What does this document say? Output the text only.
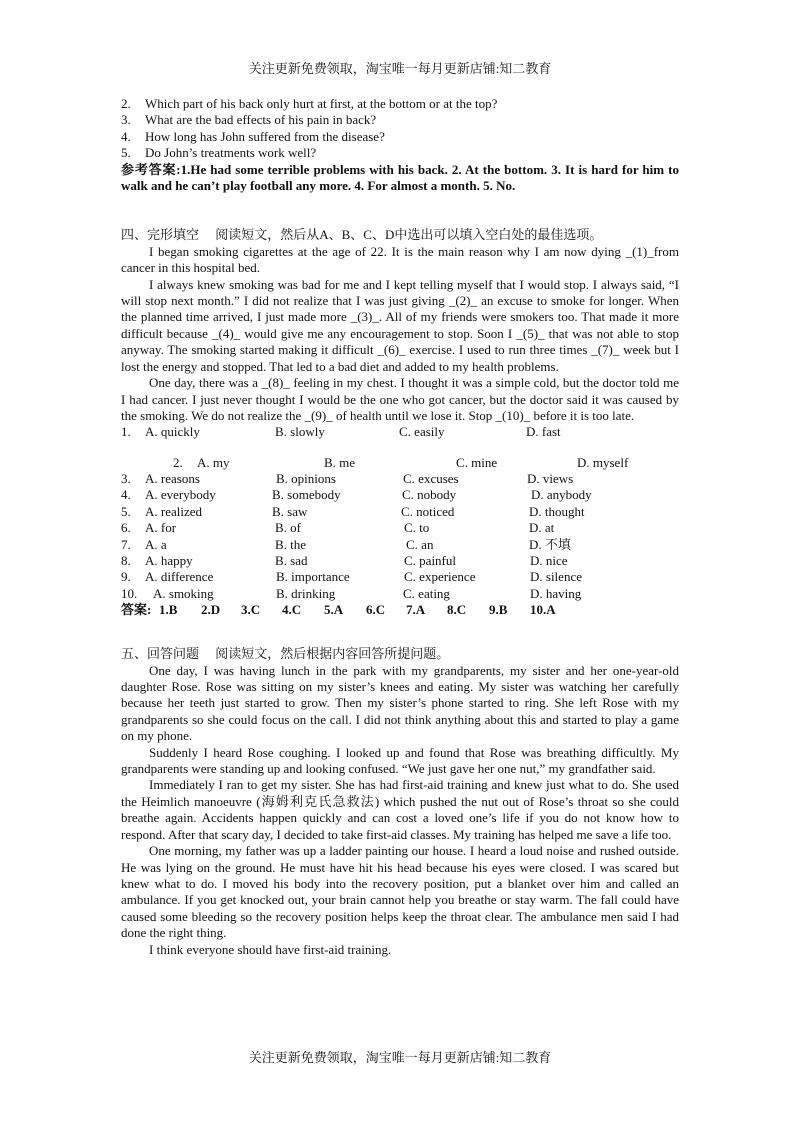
关注更新免费领取，淘宝唯一每月更新店铺:知二教育
2. Which part of his back only hurt at first, at the bottom or at the top?
3. What are the bad effects of his pain in back?
4. How long has John suffered from the disease?
5. Do John’s treatments work well?

参考答案:1.He had some terrible problems with his back. 2. At the bottom. 3. It is hard for him to walk and he can’t play football any more. 4. For almost a month. 5. No.

四、完形填空　 阅读短文，然后从A、B、C、D中选出可以填入空白处的最佳选项。

I began smoking cigarettes at the age of 22. It is the main reason why I am now dying _(1)_from cancer in this hospital bed.

I always knew smoking was bad for me and I kept telling myself that I would stop. I always said, “I will stop next month.” I did not realize that I was just giving _(2)_ an excuse to smoke for longer. When the planned time arrived, I just made more _(3)_. All of my friends were smokers too. That made it more difficult because _(4)_ would give me any encouragement to stop. Soon I _(5)_ that was not able to stop anyway. The smoking started making it difficult _(6)_ exercise. I used to run three times _(7)_ week but I lost the energy and stopped. That led to a bad diet and added to my health problems.

One day, there was a _(8)_ feeling in my chest. I thought it was a simple cold, but the doctor told me I had cancer. I just never thought I would be the one who got cancer, but the doctor said it was caused by the smoking. We do not realize the _(9)_ of health until we lose it. Stop _(10)_ before it is too late.

1. A. quickly	B. slowly	C. easily	D. fast
2. A. my	B. me	C. mine	D. myself
3. A. reasons	B. opinions	C. excuses	D. views
4. A. everybody	B. somebody	C. nobody	D. anybody
5. A. realized	B. saw	C. noticed	D. thought
6. A. for	B. of	C. to	D. at
7. A. a	B. the	C. an	D. 不填
8. A. happy	B. sad	C. painful	D. nice
9. A. difference	B. importance	C. experience	D. silence
10. A. smoking	B. drinking	C. eating	D. having
答案: 1.B 2.D 3.C 4.C 5.A 6.C 7.A 8.C 9.B 10.A

五、回答问题　 阅读短文，然后根据内容回答所提问题。

One day, I was having lunch in the park with my grandparents, my sister and her one-year-old daughter Rose. Rose was sitting on my sister’s knees and eating. My sister was watching her carefully because her teeth just started to grow. Then my sister’s phone started to ring. She left Rose with my grandparents so she could focus on the call. I did not think anything about this and started to play a game on my phone.

Suddenly I heard Rose coughing. I looked up and found that Rose was breathing difficultly. My grandparents were standing up and looking confused. “We just gave her one nut,” my grandfather said.

Immediately I ran to get my sister. She has had first-aid training and knew just what to do. She used the Heimlich manoeuvre (海姆利克氏急救法) which pushed the nut out of Rose’s throat so she could breathe again. Accidents happen quickly and can cost a loved one’s life if you do not know how to respond. After that scary day, I decided to take first-aid classes. My training has helped me save a life too.

One morning, my father was up a ladder painting our house. I heard a loud noise and rushed outside. He was lying on the ground. He must have hit his head because his eyes were closed. I was scared but knew what to do. I moved his body into the recovery position, put a blanket over him and called an ambulance. If you get knocked out, your brain cannot help you breathe or stay warm. The fall could have caused some bleeding so the recovery position helps keep the throat clear. The ambulance men said I had done the right thing.

I think everyone should have first-aid training.

关注更新免费领取，淘宝唯一每月更新店铺:知二教育
